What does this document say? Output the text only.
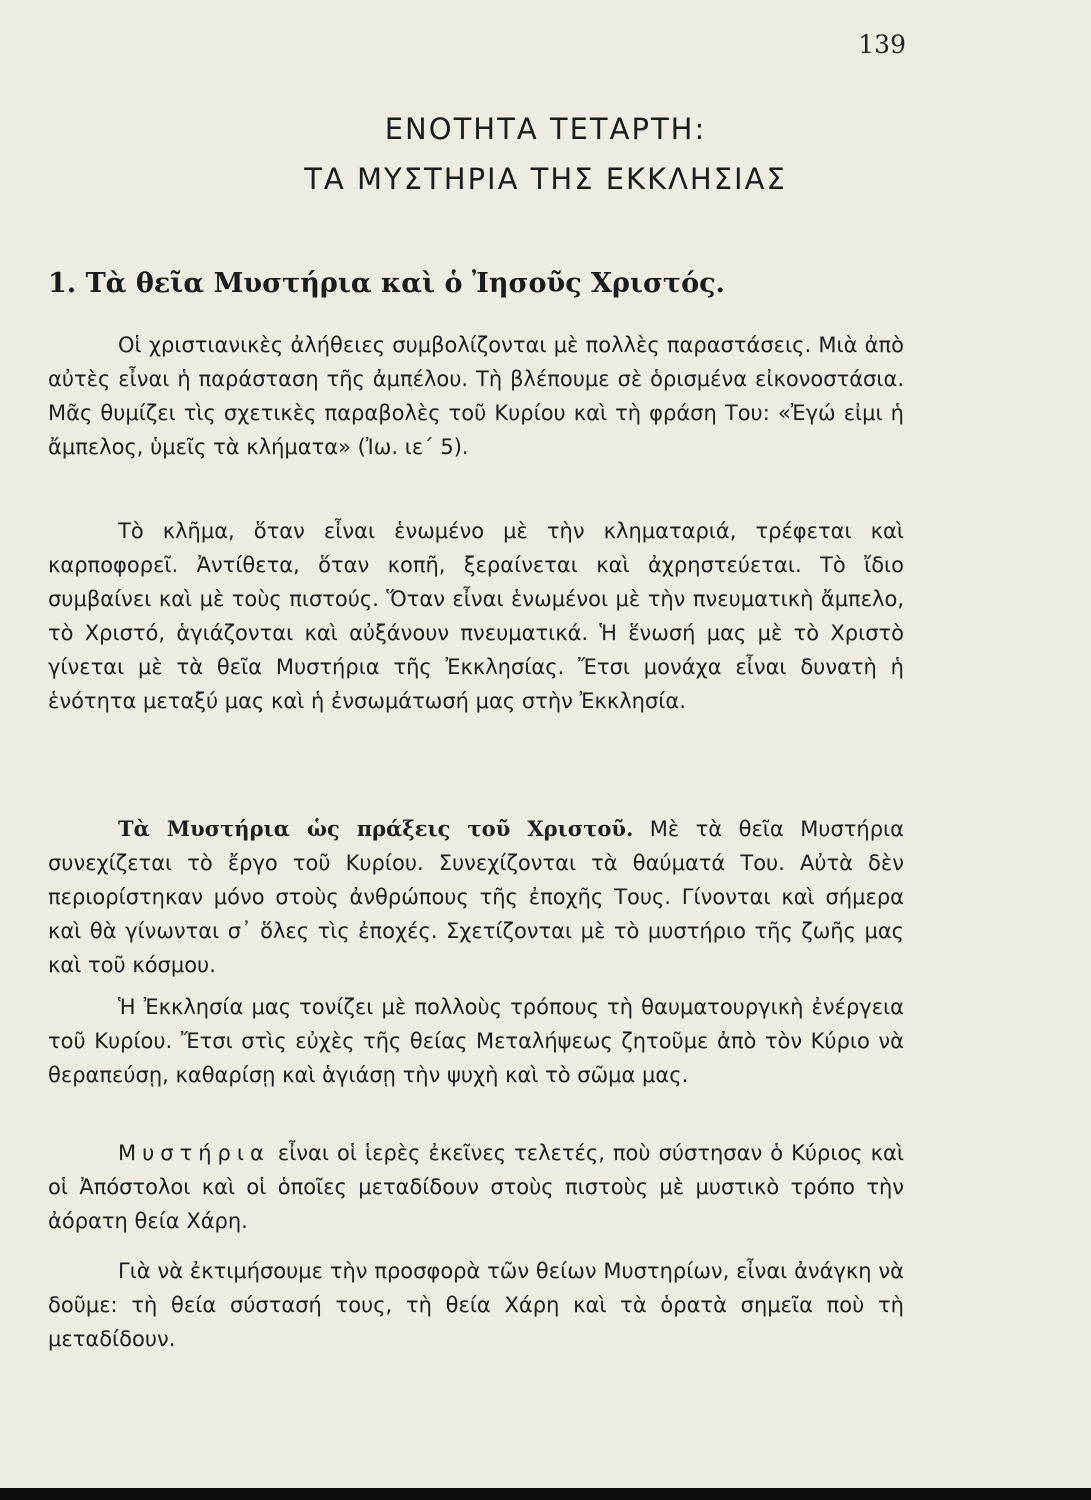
139
ΕΝΟΤΗΤΑ ΤΕΤΑΡΤΗ:
ΤΑ ΜΥΣΤΗΡΙΑ ΤΗΣ ΕΚΚΛΗΣΙΑΣ
1. Τὰ θεῖα Μυστήρια καὶ ὁ Ἰησοῦς Χριστός.

Οἱ χριστιανικὲς ἀλήθειες συμβολίζονται μὲ πολλὲς παραστάσεις. Μιὰ ἀπὸ αὐτὲς εἶναι ἡ παράσταση τῆς ἀμπέλου. Τὴ βλέπουμε σὲ ὁρισμένα εἰκονοστάσια. Μᾶς θυμίζει τὶς σχετικὲς παραβολὲς τοῦ Κυρίου καὶ τὴ φράση Του: «Ἐγώ εἰμι ἡ ἄμπελος, ὑμεῖς τὰ κλήματα» (Ἰω. ιε΄ 5).

Τὸ κλῆμα, ὅταν εἶναι ἑνωμένο μὲ τὴν κληματαριά, τρέφεται καὶ καρποφορεῖ. Ἀντίθετα, ὅταν κοπῆ, ξεραίνεται καὶ ἀχρηστεύεται. Τὸ ἴδιο συμβαίνει καὶ μὲ τοὺς πιστούς. Ὅταν εἶναι ἑνωμένοι μὲ τὴν πνευματικὴ ἄμπελο, τὸ Χριστό, ἁγιάζονται καὶ αὐξάνουν πνευματικά. Ἡ ἕνωσή μας μὲ τὸ Χριστὸ γίνεται μὲ τὰ θεῖα Μυστήρια τῆς Ἐκκλησίας. Ἔτσι μονάχα εἶναι δυνατὴ ἡ ἑνότητα μεταξύ μας καὶ ἡ ἐνσωμάτωσή μας στὴν Ἐκκλησία.

Τὰ Μυστήρια ὡς πράξεις τοῦ Χριστοῦ. Μὲ τὰ θεῖα Μυστήρια συνεχίζεται τὸ ἔργο τοῦ Κυρίου. Συνεχίζονται τὰ θαύματά Του. Αὐτὰ δὲν περιορίστηκαν μόνο στοὺς ἀνθρώπους τῆς ἐποχῆς Τους. Γίνονται καὶ σήμερα καὶ θὰ γίνωνται σ᾽ ὅλες τὶς ἐποχές. Σχετίζονται μὲ τὸ μυστήριο τῆς ζωῆς μας καὶ τοῦ κόσμου.

Ἡ Ἐκκλησία μας τονίζει μὲ πολλοὺς τρόπους τὴ θαυματουργικὴ ἐνέργεια τοῦ Κυρίου. Ἔτσι στὶς εὐχὲς τῆς θείας Μεταλήψεως ζητοῦμε ἀπὸ τὸν Κύριο νὰ θεραπεύσῃ, καθαρίσῃ καὶ ἁγιάσῃ τὴν ψυχὴ καὶ τὸ σῶμα μας.

Μυστήρια εἶναι οἱ ἱερὲς ἐκεῖνες τελετές, ποὺ σύστησαν ὁ Κύριος καὶ οἱ Ἀπόστολοι καὶ οἱ ὁποῖες μεταδίδουν στοὺς πιστοὺς μὲ μυστικὸ τρόπο τὴν ἀόρατη θεία Χάρη.

Γιὰ νὰ ἐκτιμήσουμε τὴν προσφορὰ τῶν θείων Μυστηρίων, εἶναι ἀνάγκη νὰ δοῦμε: τὴ θεία σύστασή τους, τὴ θεία Χάρη καὶ τὰ ὁρατὰ σημεῖα ποὺ τὴ μεταδίδουν.
